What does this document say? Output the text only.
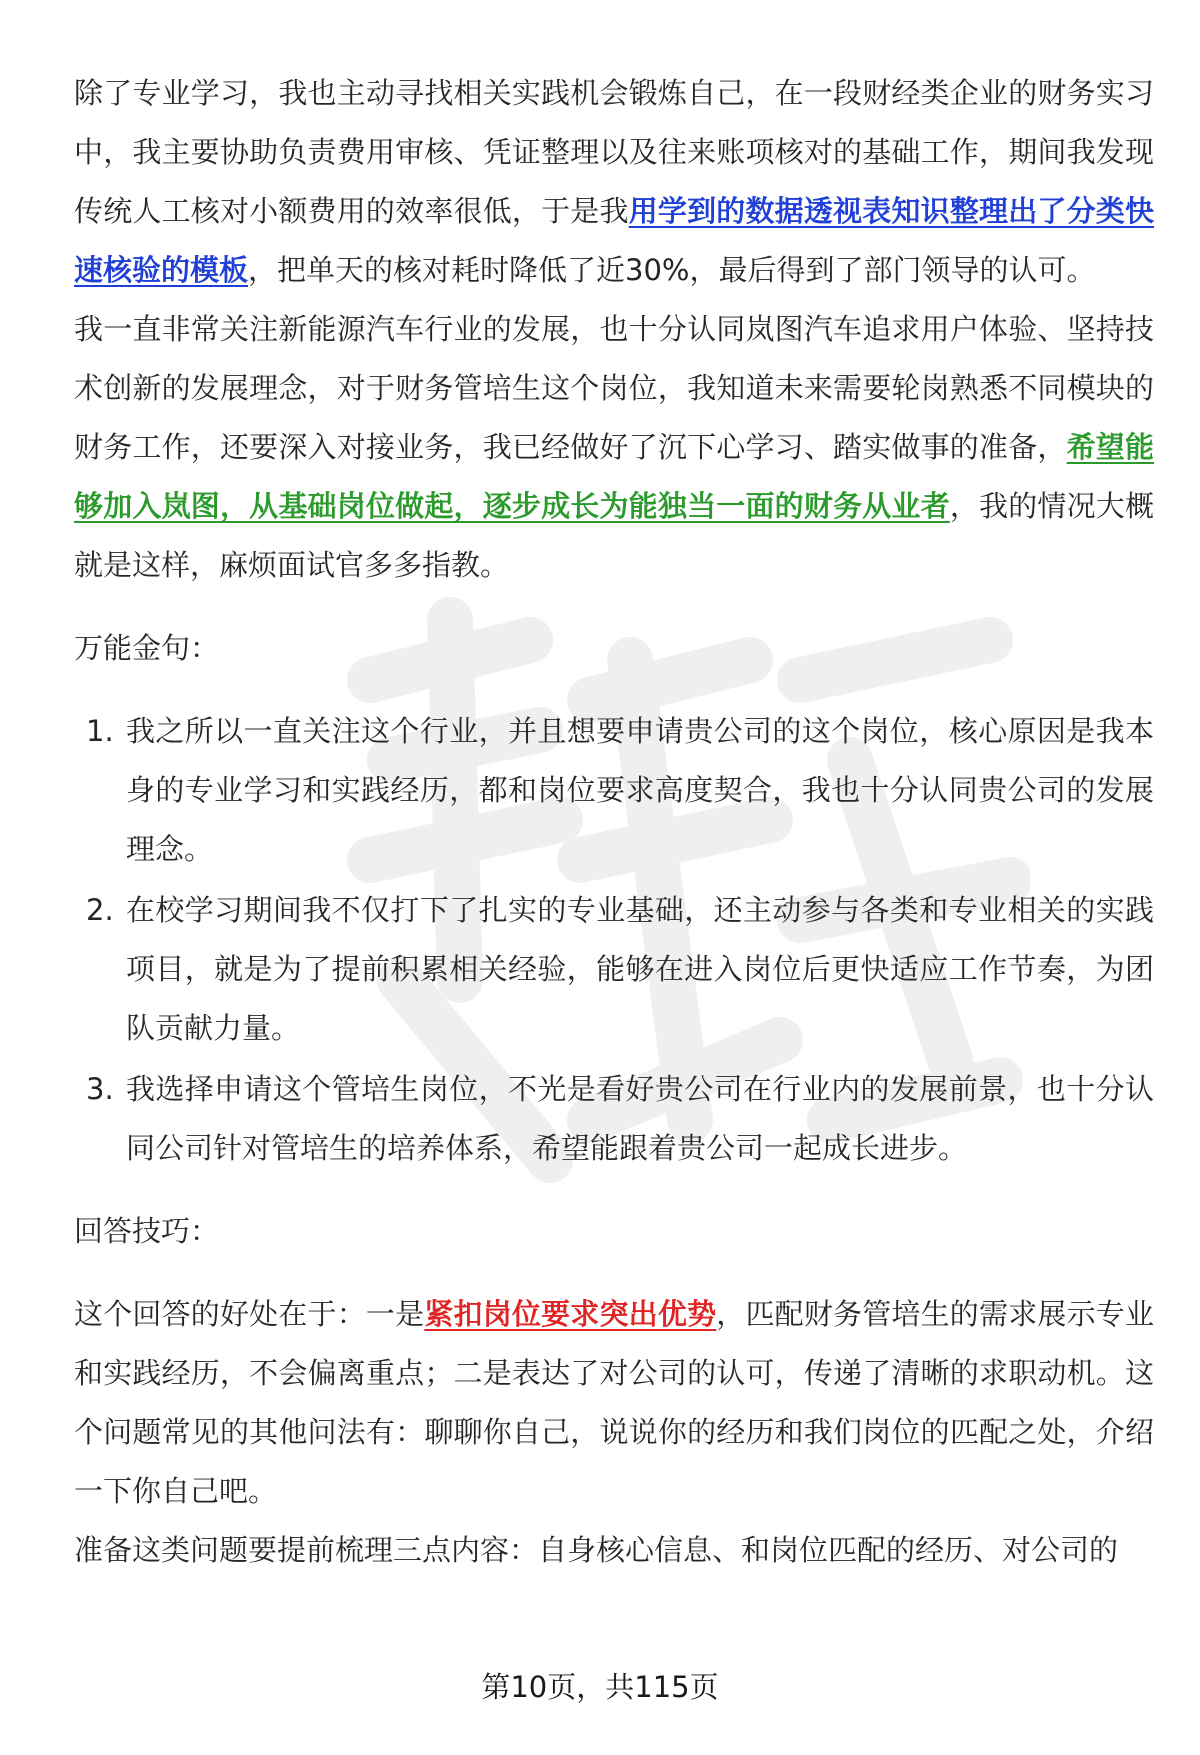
除了专业学习，我也主动寻找相关实践机会锻炼自己，在一段财经类企业的财务实习中，我主要协助负责费用审核、凭证整理以及往来账项核对的基础工作，期间我发现传统人工核对小额费用的效率很低，于是我用学到的数据透视表知识整理出了分类快速核验的模板，把单天的核对耗时降低了近30%，最后得到了部门领导的认可。

我一直非常关注新能源汽车行业的发展，也十分认同岚图汽车追求用户体验、坚持技术创新的发展理念，对于财务管培生这个岗位，我知道未来需要轮岗熟悉不同模块的财务工作，还要深入对接业务，我已经做好了沉下心学习、踏实做事的准备，希望能够加入岚图，从基础岗位做起，逐步成长为能独当一面的财务从业者，我的情况大概就是这样，麻烦面试官多多指教。

万能金句：

1. 我之所以一直关注这个行业，并且想要申请贵公司的这个岗位，核心原因是我本身的专业学习和实践经历，都和岗位要求高度契合，我也十分认同贵公司的发展理念。
2. 在校学习期间我不仅打下了扎实的专业基础，还主动参与各类和专业相关的实践项目，就是为了提前积累相关经验，能够在进入岗位后更快适应工作节奏，为团队贡献力量。
3. 我选择申请这个管培生岗位，不光是看好贵公司在行业内的发展前景，也十分认同公司针对管培生的培养体系，希望能跟着贵公司一起成长进步。

回答技巧：

这个回答的好处在于：一是紧扣岗位要求突出优势，匹配财务管培生的需求展示专业和实践经历，不会偏离重点；二是表达了对公司的认可，传递了清晰的求职动机。这个问题常见的其他问法有：聊聊你自己，说说你的经历和我们岗位的匹配之处，介绍一下你自己吧。

准备这类问题要提前梳理三点内容：自身核心信息、和岗位匹配的经历、对公司的

第10页，共115页
